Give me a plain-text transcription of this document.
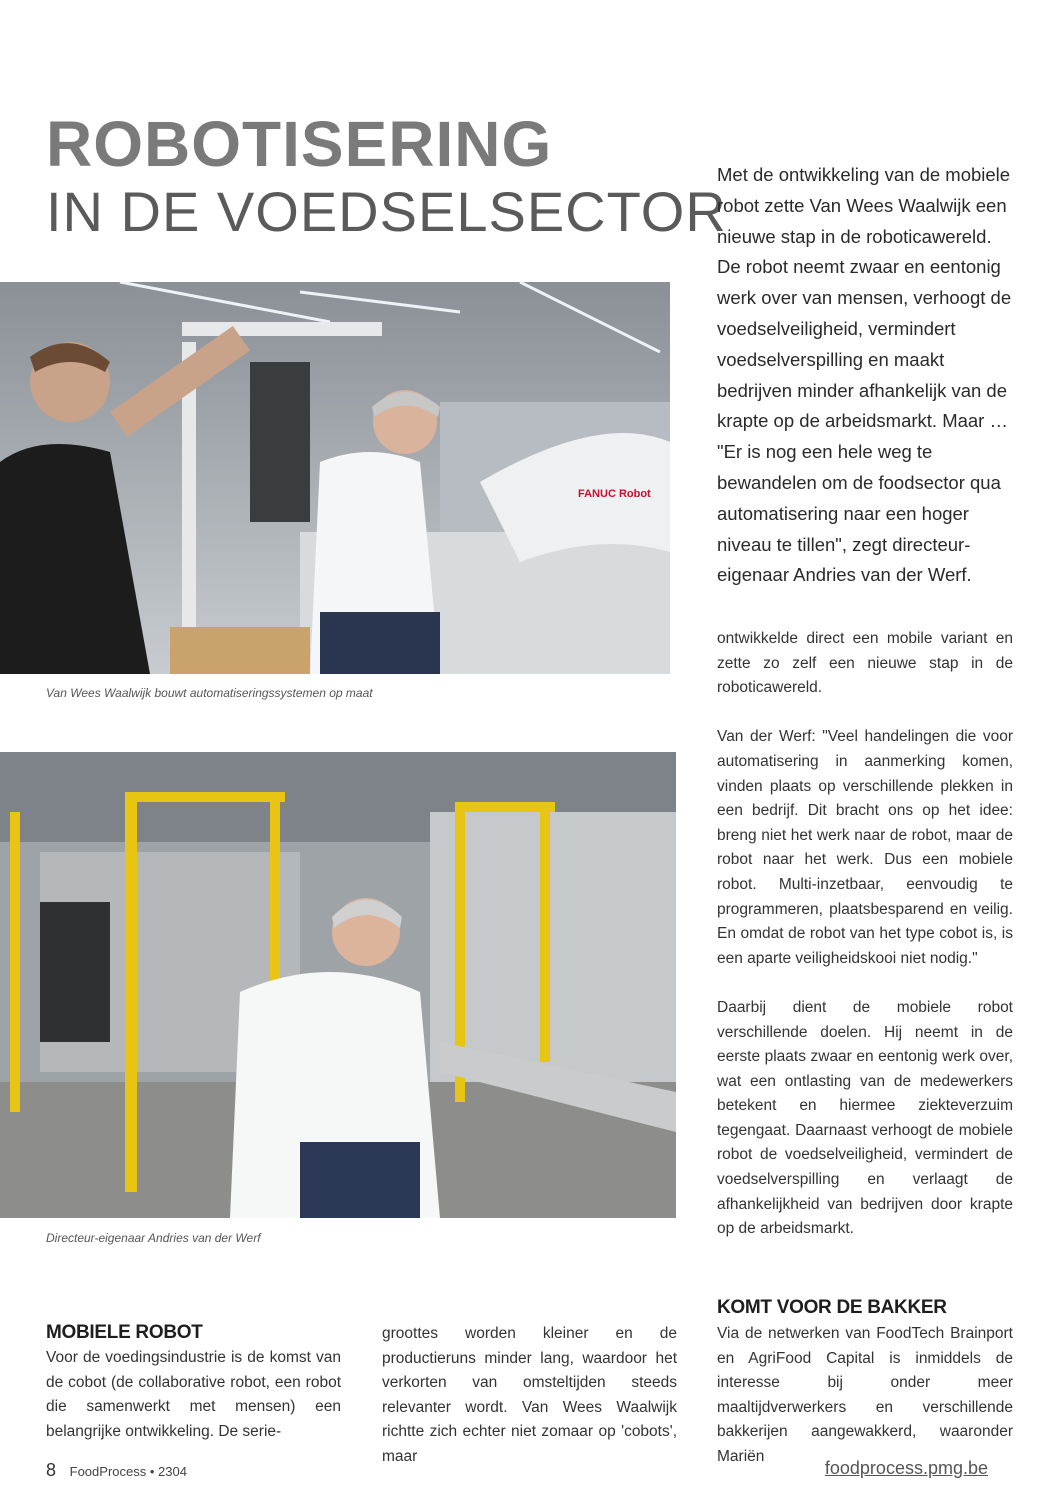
ROBOTISERING
IN DE VOEDSELSECTOR
Met de ontwikkeling van de mobiele robot zette Van Wees Waalwijk een nieuwe stap in de roboticawereld. De robot neemt zwaar en eentonig werk over van mensen, verhoogt de voedselveiligheid, vermindert voedselverspilling en maakt bedrijven minder afhankelijk van de krapte op de arbeidsmarkt. Maar … "Er is nog een hele weg te bewandelen om de foodsector qua automatisering naar een hoger niveau te tillen", zegt directeur-eigenaar Andries van der Werf.
FANUC Robot
Van Wees Waalwijk bouwt automatiseringssystemen op maat
Directeur-eigenaar Andries van der Werf
MOBIELE ROBOT

Voor de voedingsindustrie is de komst van de cobot (de collaborative robot, een robot die samenwerkt met mensen) een belangrijke ontwikkeling. De serie-

groottes worden kleiner en de productieruns minder lang, waardoor het verkorten van omsteltijden steeds relevanter wordt. Van Wees Waalwijk richtte zich echter niet zomaar op 'cobots', maar

ontwikkelde direct een mobile variant en zette zo zelf een nieuwe stap in de roboticawereld.

Van der Werf: "Veel handelingen die voor automatisering in aanmerking komen, vinden plaats op verschillende plekken in een bedrijf. Dit bracht ons op het idee: breng niet het werk naar de robot, maar de robot naar het werk. Dus een mobiele robot. Multi-inzetbaar, eenvoudig te programmeren, plaatsbesparend en veilig. En omdat de robot van het type cobot is, is een aparte veiligheidskooi niet nodig."

Daarbij dient de mobiele robot verschillende doelen. Hij neemt in de eerste plaats zwaar en eentonig werk over, wat een ontlasting van de medewerkers betekent en hiermee ziekteverzuim tegengaat. Daarnaast verhoogt de mobiele robot de voedselveiligheid, vermindert de voedselverspilling en verlaagt de afhankelijkheid van bedrijven door krapte op de arbeidsmarkt.

KOMT VOOR DE BAKKER

Via de netwerken van FoodTech Brainport en AgriFood Capital is inmiddels de interesse bij onder meer maaltijdverwerkers en verschillende bakkerijen aangewakkerd, waaronder Mariën

8 FoodProcess • 2304	foodprocess.pmg.be
